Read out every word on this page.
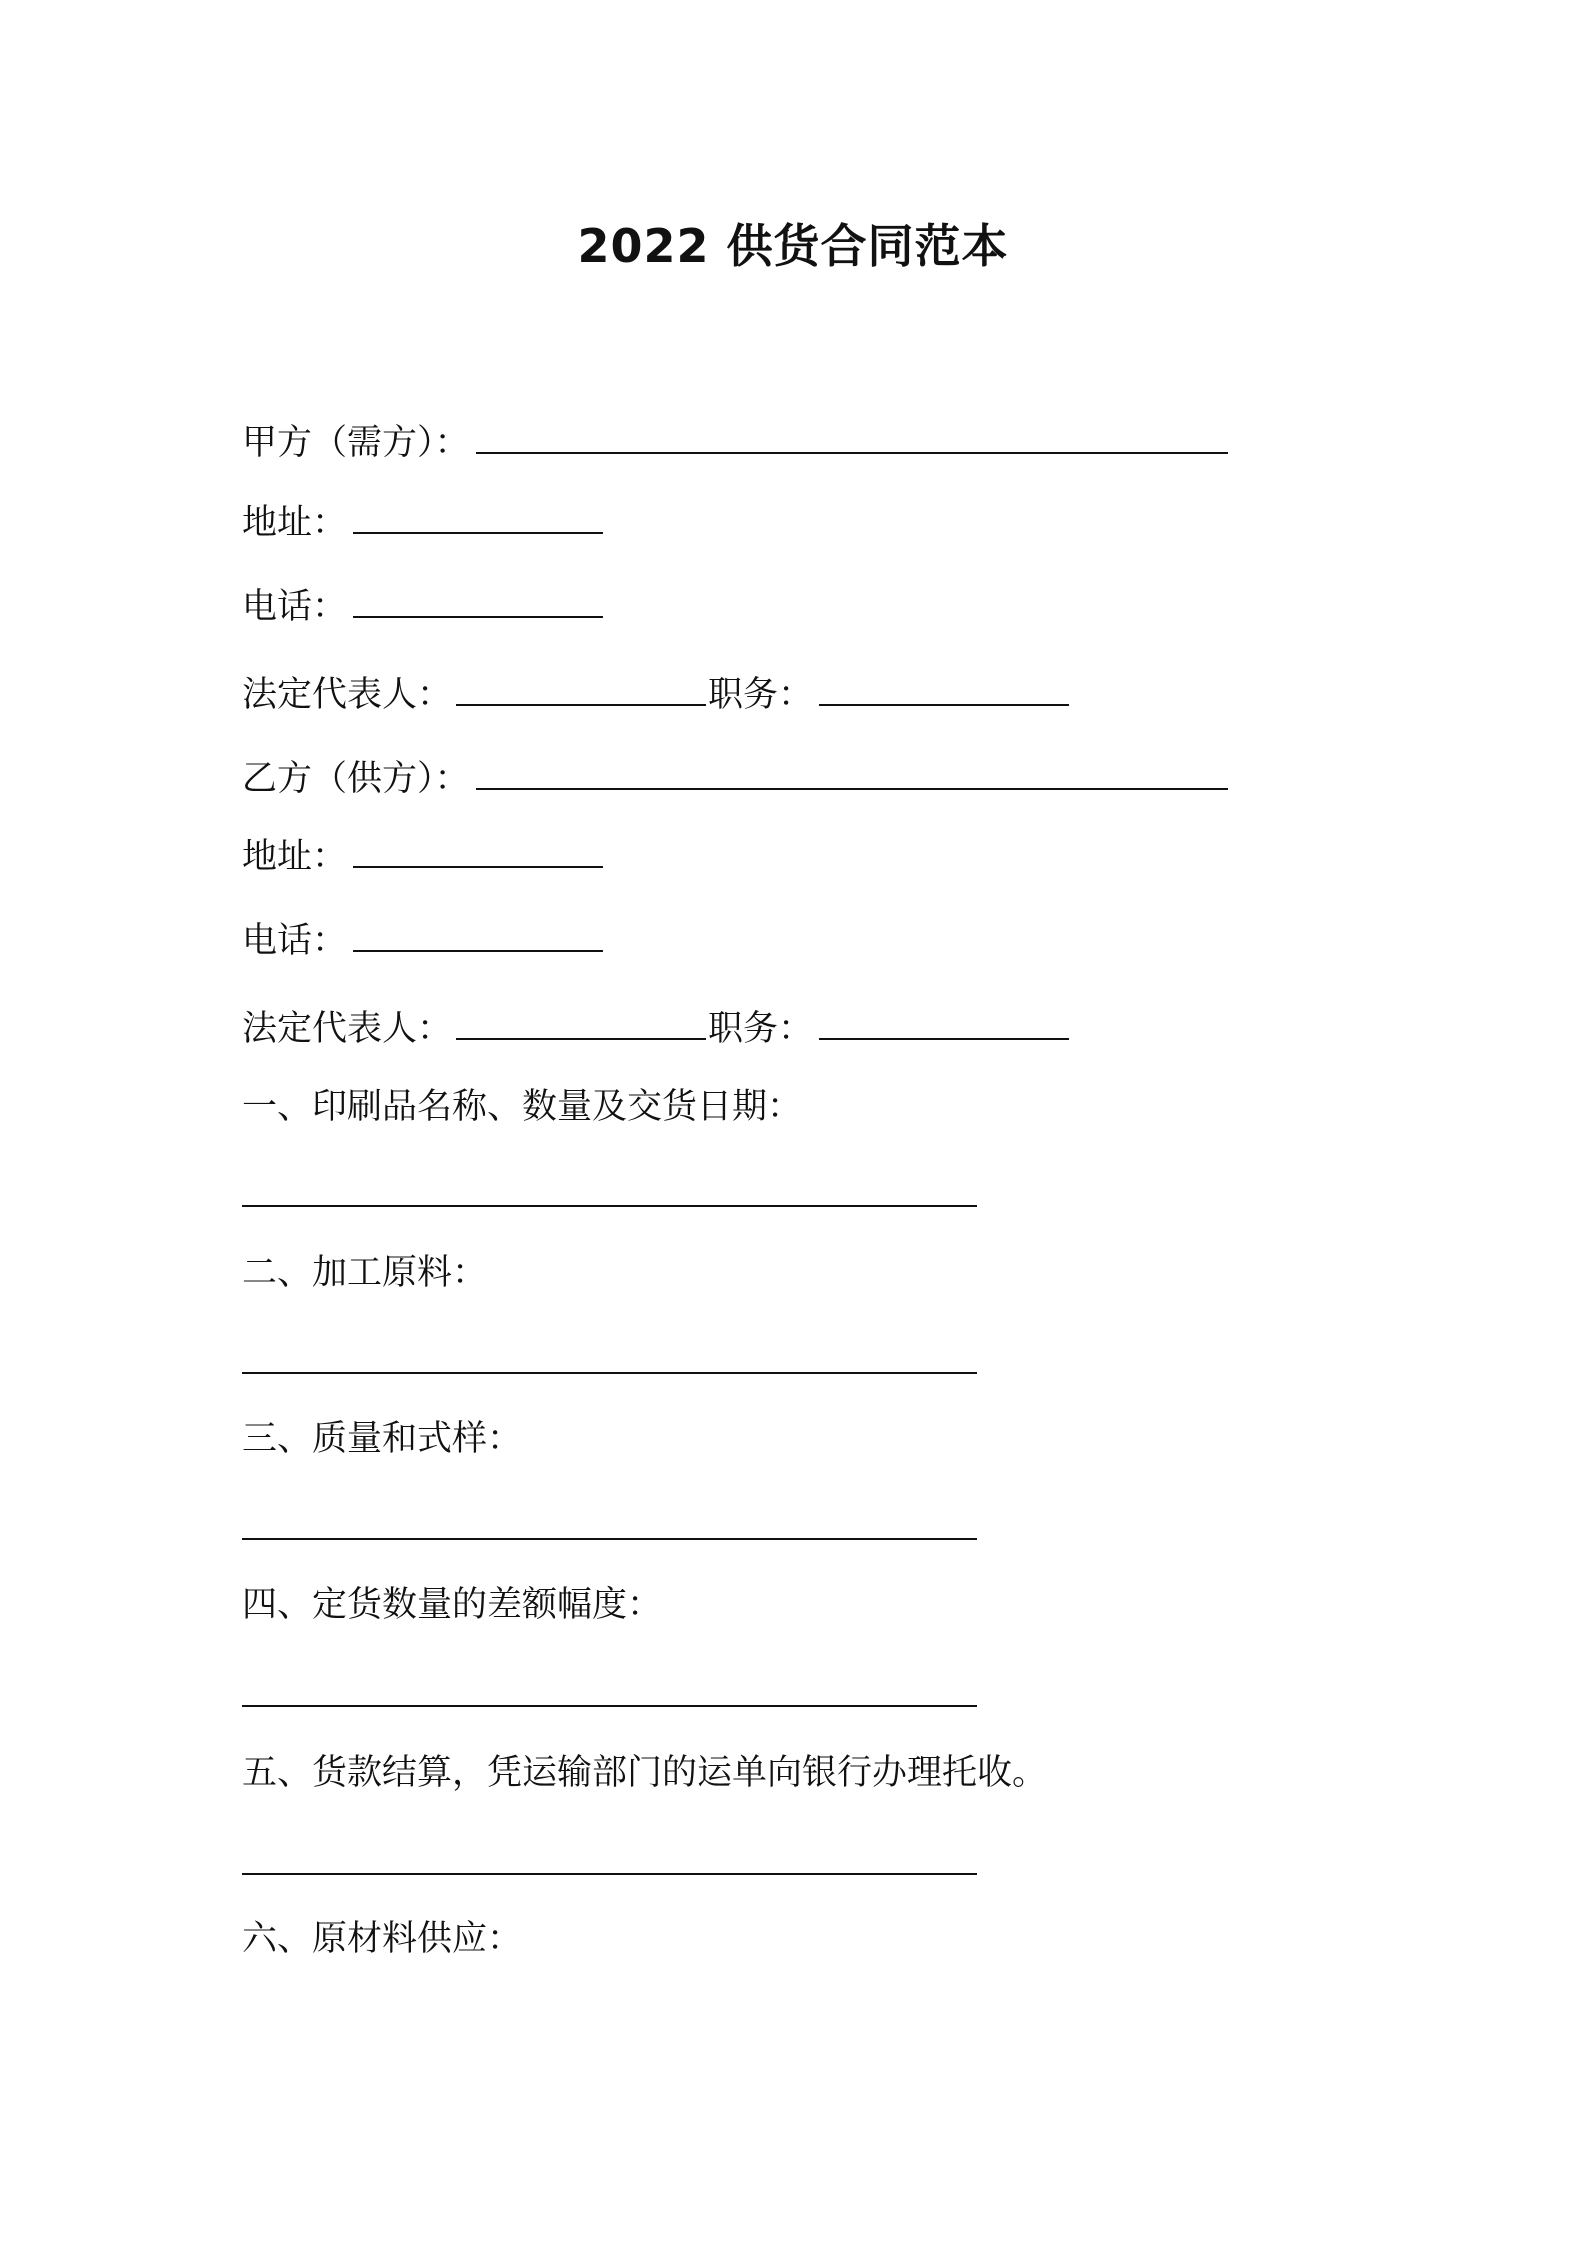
2022 供货合同范本
甲方（需方）：
地址：
电话：
法定代表人：	职务：
乙方（供方）：
地址：
电话：
法定代表人：	职务：
一、印刷品名称、数量及交货日期：
二、加工原料：
三、质量和式样：
四、定货数量的差额幅度：
五、货款结算，凭运输部门的运单向银行办理托收。
六、原材料供应：
